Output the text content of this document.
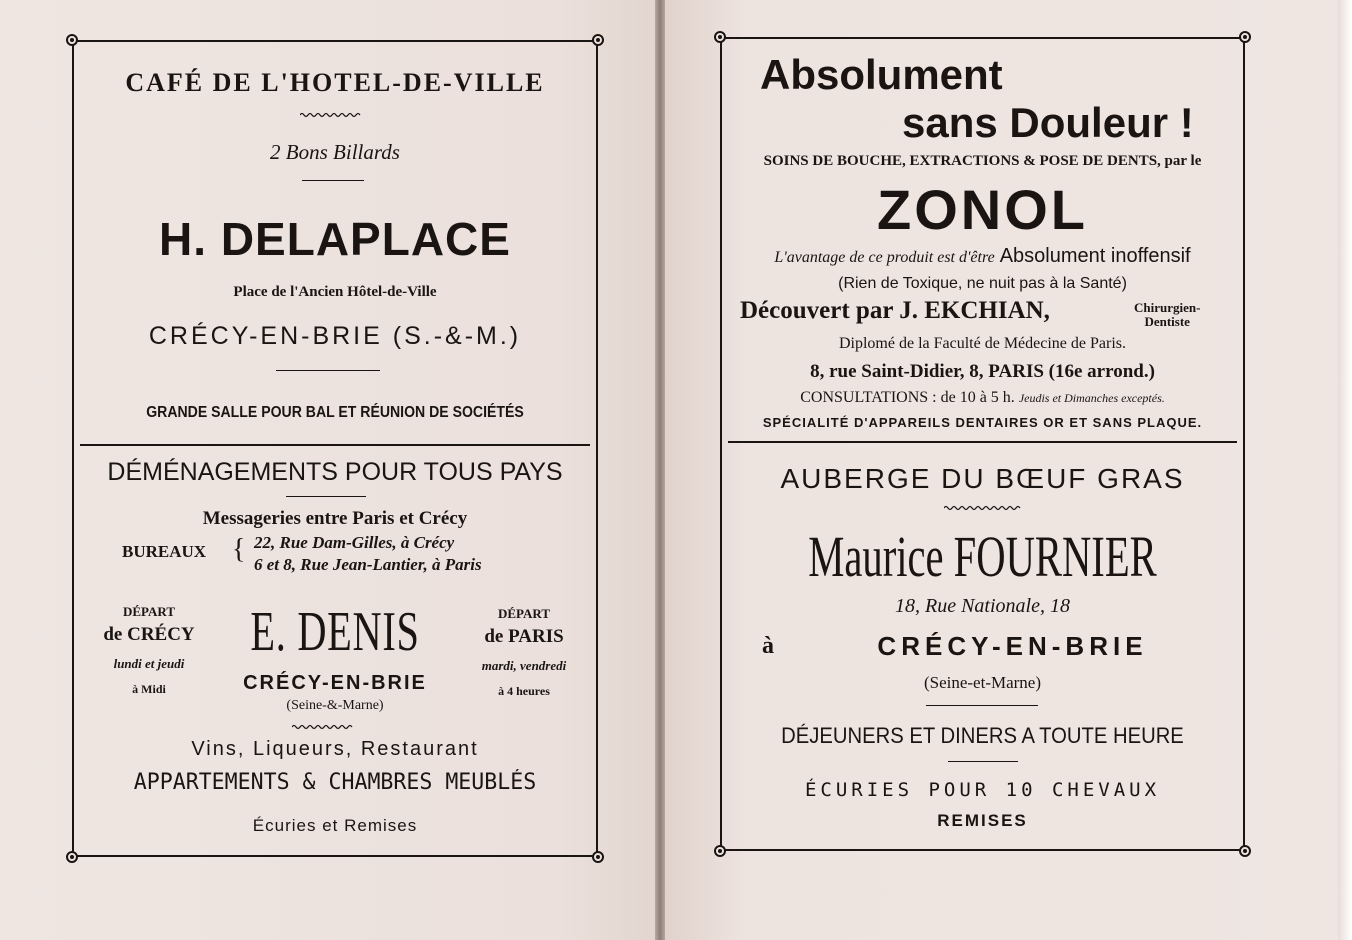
CAFÉ DE L'HOTEL-DE-VILLE
2 Bons Billards
H. DELAPLACE
Place de l'Ancien Hôtel-de-Ville
CRÉCY-EN-BRIE (S.-&-M.)
GRANDE SALLE POUR BAL ET RÉUNION DE SOCIÉTÉS
DÉMÉNAGEMENTS POUR TOUS PAYS
Messageries entre Paris et Crécy
BUREAUX { 22, Rue Dam-Gilles, à Crécy
6 et 8, Rue Jean-Lantier, à Paris
DÉPART
de CRÉCY
lundi et jeudi
à Midi
DÉPART
de PARIS
mardi, vendredi
à 4 heures
E. DENIS
CRÉCY-EN-BRIE
(Seine-&-Marne)
Vins, Liqueurs, Restaurant
APPARTEMENTS & CHAMBRES MEUBLÉS
Écuries et Remises
Absolument
sans Douleur !
SOINS DE BOUCHE, EXTRACTIONS & POSE DE DENTS, par le
ZONOL
L'avantage de ce produit est d'être Absolument inoffensif
(Rien de Toxique, ne nuit pas à la Santé)
Découvert par J. EKCHIAN,	Chirurgien-
Dentiste
Diplomé de la Faculté de Médecine de Paris.
8, rue Saint-Didier, 8, PARIS (16e arrond.)
CONSULTATIONS : de 10 à 5 h. Jeudis et Dimanches exceptés.
SPÉCIALITÉ D'APPAREILS DENTAIRES OR ET SANS PLAQUE.
AUBERGE DU BŒUF GRAS
Maurice FOURNIER
18, Rue Nationale, 18
à	CRÉCY-EN-BRIE
(Seine-et-Marne)
DÉJEUNERS ET DINERS A TOUTE HEURE
ÉCURIES POUR 10 CHEVAUX
REMISES
